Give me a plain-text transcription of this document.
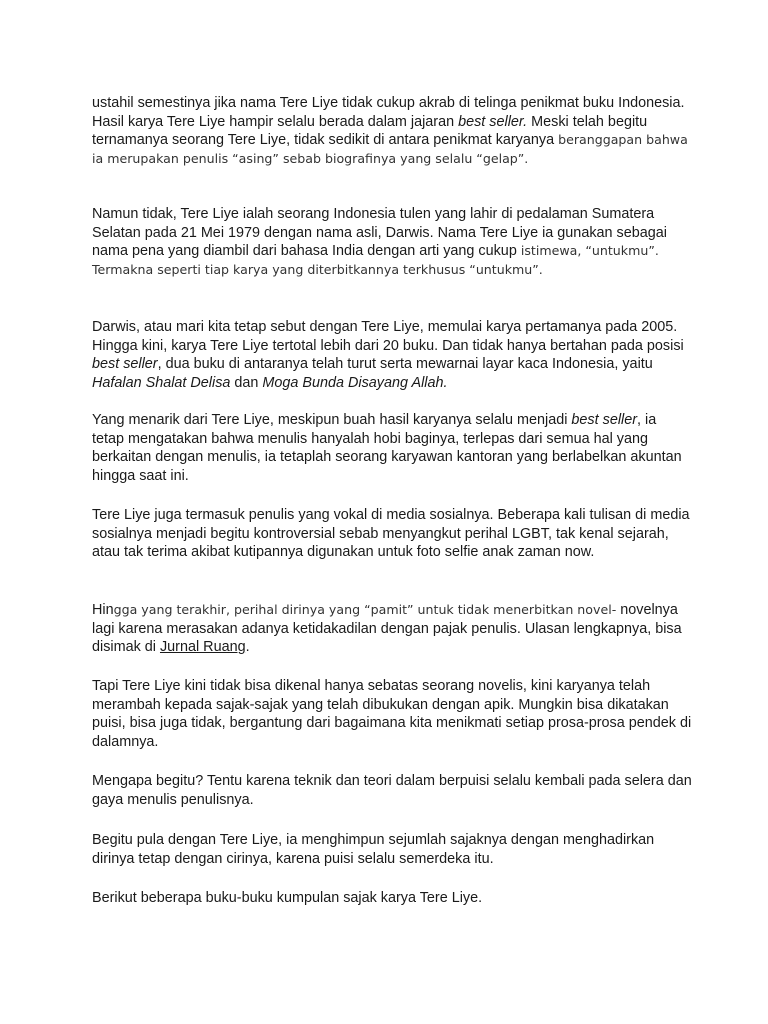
ustahil semestinya jika nama Tere Liye tidak cukup akrab di telinga penikmat buku Indonesia. Hasil karya Tere Liye hampir selalu berada dalam jajaran best seller. Meski telah begitu ternamanya seorang Tere Liye, tidak sedikit di antara penikmat karyanya beranggapan bahwa ia merupakan penulis “asing” sebab biografinya yang selalu “gelap”.

Namun tidak, Tere Liye ialah seorang Indonesia tulen yang lahir di pedalaman Sumatera Selatan pada 21 Mei 1979 dengan nama asli, Darwis. Nama Tere Liye ia gunakan sebagai nama pena yang diambil dari bahasa India dengan arti yang cukup istimewa, “untukmu”. Termakna seperti tiap karya yang diterbitkannya terkhusus “untukmu”.

Darwis, atau mari kita tetap sebut dengan Tere Liye, memulai karya pertamanya pada 2005. Hingga kini, karya Tere Liye tertotal lebih dari 20 buku. Dan tidak hanya bertahan pada posisi best seller, dua buku di antaranya telah turut serta mewarnai layar kaca Indonesia, yaitu Hafalan Shalat Delisa dan Moga Bunda Disayang Allah.

Yang menarik dari Tere Liye, meskipun buah hasil karyanya selalu menjadi best seller, ia tetap mengatakan bahwa menulis hanyalah hobi baginya, terlepas dari semua hal yang berkaitan dengan menulis, ia tetaplah seorang karyawan kantoran yang berlabelkan akuntan hingga saat ini.

Tere Liye juga termasuk penulis yang vokal di media sosialnya. Beberapa kali tulisan di media sosialnya menjadi begitu kontroversial sebab menyangkut perihal LGBT, tak kenal sejarah, atau tak terima akibat kutipannya digunakan untuk foto selfie anak zaman now.

Hingga yang terakhir, perihal dirinya yang “pamit” untuk tidak menerbitkan novel- novelnya lagi karena merasakan adanya ketidakadilan dengan pajak penulis. Ulasan lengkapnya, bisa disimak di Jurnal Ruang.

Tapi Tere Liye kini tidak bisa dikenal hanya sebatas seorang novelis, kini karyanya telah merambah kepada sajak-sajak yang telah dibukukan dengan apik. Mungkin bisa dikatakan puisi, bisa juga tidak, bergantung dari bagaimana kita menikmati setiap prosa-prosa pendek di dalamnya.

Mengapa begitu? Tentu karena teknik dan teori dalam berpuisi selalu kembali pada selera dan gaya menulis penulisnya.

Begitu pula dengan Tere Liye, ia menghimpun sejumlah sajaknya dengan menghadirkan dirinya tetap dengan cirinya, karena puisi selalu semerdeka itu.

Berikut beberapa buku-buku kumpulan sajak karya Tere Liye.
